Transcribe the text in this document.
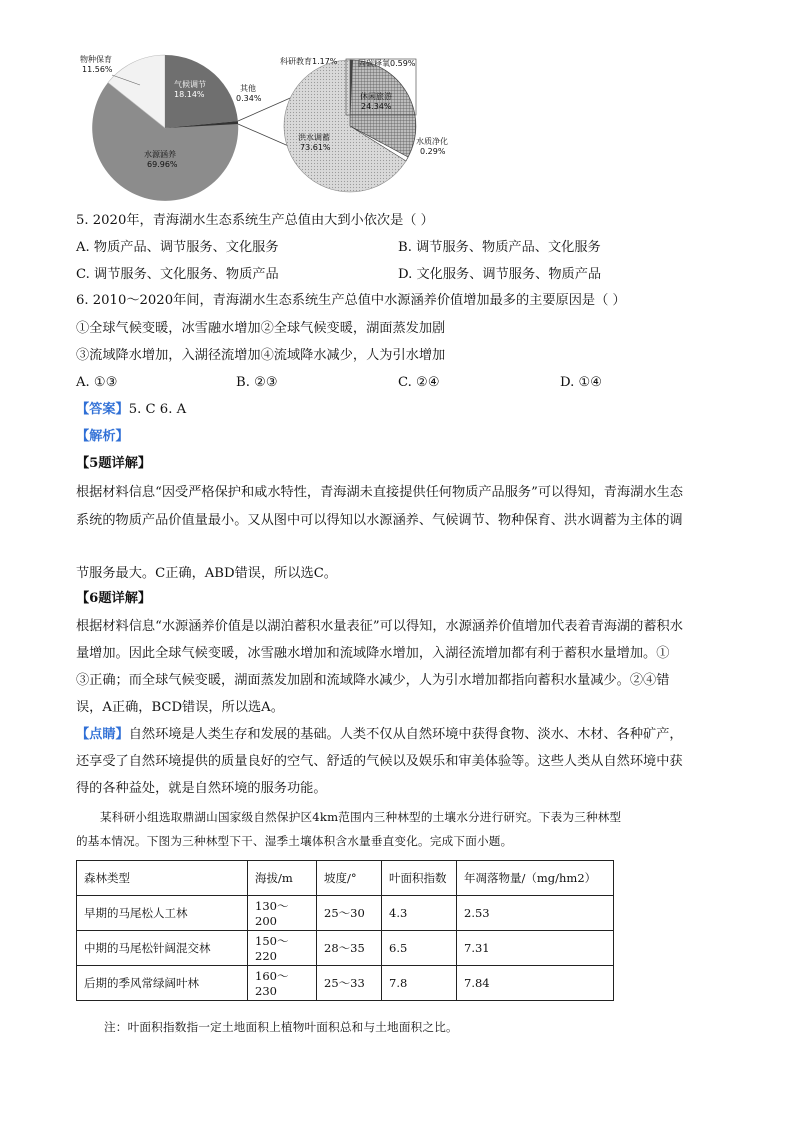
物种保育
11.56%
气候调节
18.14%
水源涵养
69.96%
其他
0.34%
科研教育1.17%	固碳释氧0.59%
休闲旅游
24.34%
洪水调蓄
73.61%
水质净化
0.29%
5. 2020年，青海湖水生态系统生产总值由大到小依次是（ ）
A. 物质产品、调节服务、文化服务	B. 调节服务、物质产品、文化服务
C. 调节服务、文化服务、物质产品	D. 文化服务、调节服务、物质产品
6. 2010～2020年间，青海湖水生态系统生产总值中水源涵养价值增加最多的主要原因是（ ）
①全球气候变暖，冰雪融水增加②全球气候变暖，湖面蒸发加剧
③流域降水增加，入湖径流增加④流域降水减少，人为引水增加
A. ①③	B. ②③	C. ②④	D. ①④
【答案】5. C 6. A
【解析】
【5题详解】
根据材料信息“因受严格保护和咸水特性，青海湖未直接提供任何物质产品服务”可以得知，青海湖水生态
系统的物质产品价值量最小。又从图中可以得知以水源涵养、气候调节、物种保育、洪水调蓄为主体的调
节服务最大。C正确，ABD错误，所以选C。
【6题详解】
根据材料信息“水源涵养价值是以湖泊蓄积水量表征”可以得知，水源涵养价值增加代表着青海湖的蓄积水
量增加。因此全球气候变暖，冰雪融水增加和流域降水增加，入湖径流增加都有利于蓄积水量增加。①
③正确；而全球气候变暖，湖面蒸发加剧和流域降水减少，人为引水增加都指向蓄积水量减少。②④错
误，A正确，BCD错误，所以选A。
【点睛】自然环境是人类生存和发展的基础。人类不仅从自然环境中获得食物、淡水、木材、各种矿产，
还享受了自然环境提供的质量良好的空气、舒适的气候以及娱乐和审美体验等。这些人类从自然环境中获
得的各种益处，就是自然环境的服务功能。
某科研小组选取鼎湖山国家级自然保护区4km范围内三种林型的土壤水分进行研究。下表为三种林型
的基本情况。下图为三种林型下干、湿季土壤体积含水量垂直变化。完成下面小题。
森林类型	海拔/m	坡度/°	叶面积指数	年凋落物量/（mg/hm2）
早期的马尾松人工林	130～200	25～30	4.3	2.53
中期的马尾松针阔混交林	150～220	28～35	6.5	7.31
后期的季风常绿阔叶林	160～230	25～33	7.8	7.84
注：叶面积指数指一定土地面积上植物叶面积总和与土地面积之比。
